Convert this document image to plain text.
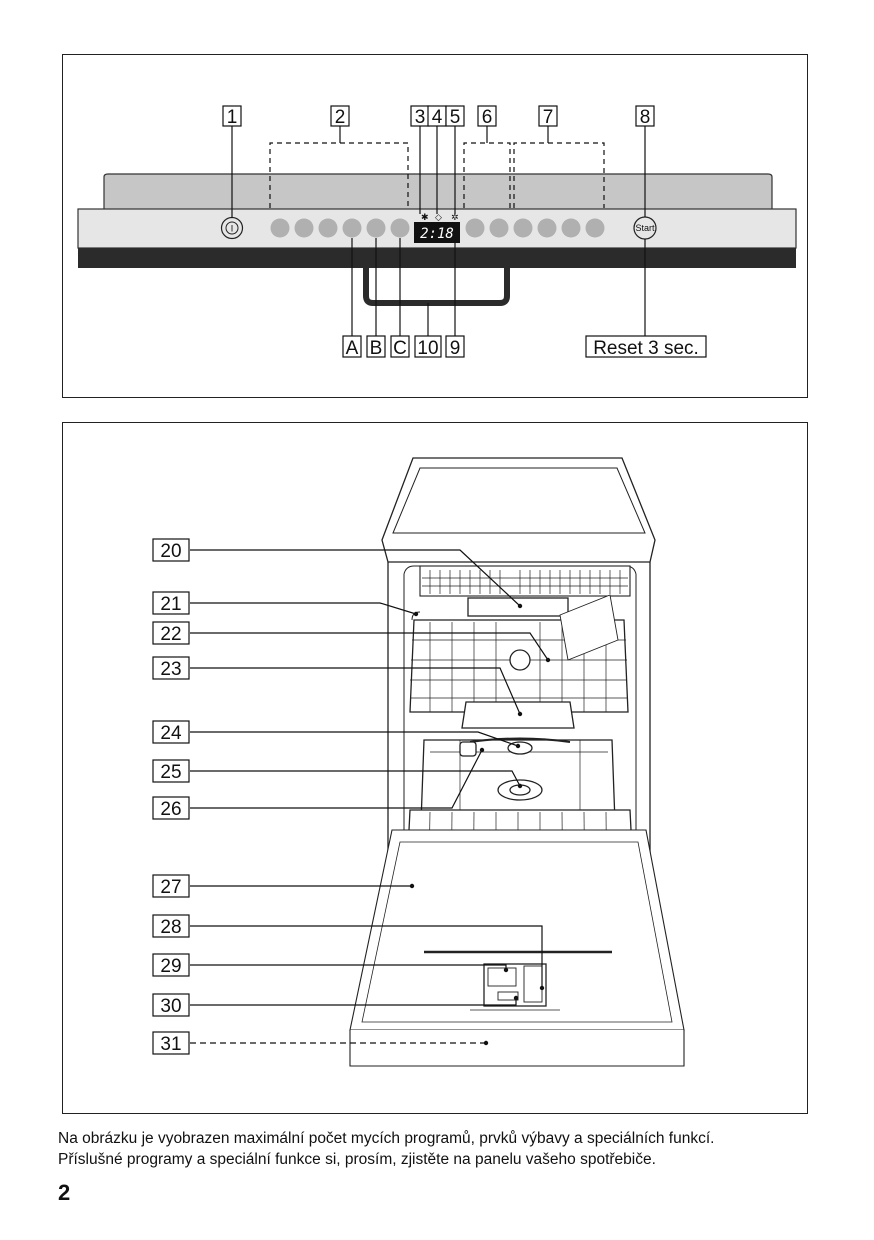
I	2:18
✱ ◇ ✲
Start
1	2	3 4 5 6	7	8
A B C 10 9	Reset 3 sec.
20
21
22
23
24
25
26
27
28
29
30
31
Na obrázku je vyobrazen maximální počet mycích programů, prvků výbavy a speciálních funkcí.
Příslušné programy a speciální funkce si, prosím, zjistěte na panelu vašeho spotřebiče.
2
